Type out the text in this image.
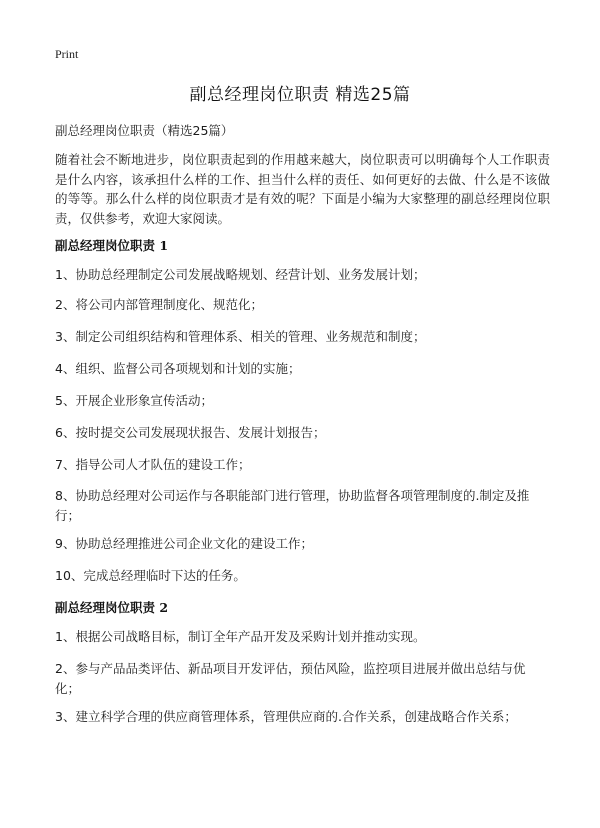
Print
副总经理岗位职责 精选25篇

副总经理岗位职责（精选25篇）

随着社会不断地进步，岗位职责起到的作用越来越大，岗位职责可以明确每个人工作职责是什么内容，该承担什么样的工作、担当什么样的责任、如何更好的去做、什么是不该做的等等。那么什么样的岗位职责才是有效的呢？下面是小编为大家整理的副总经理岗位职责，仅供参考，欢迎大家阅读。

副总经理岗位职责 1

1、协助总经理制定公司发展战略规划、经营计划、业务发展计划；

2、将公司内部管理制度化、规范化；

3、制定公司组织结构和管理体系、相关的管理、业务规范和制度；

4、组织、监督公司各项规划和计划的实施；

5、开展企业形象宣传活动；

6、按时提交公司发展现状报告、发展计划报告；

7、指导公司人才队伍的建设工作；

8、协助总经理对公司运作与各职能部门进行管理，协助监督各项管理制度的.制定及推行；

9、协助总经理推进公司企业文化的建设工作；

10、完成总经理临时下达的任务。

副总经理岗位职责 2

1、根据公司战略目标，制订全年产品开发及采购计划并推动实现。

2、参与产品品类评估、新品项目开发评估，预估风险，监控项目进展并做出总结与优化；

3、建立科学合理的供应商管理体系，管理供应商的.合作关系，创建战略合作关系；
